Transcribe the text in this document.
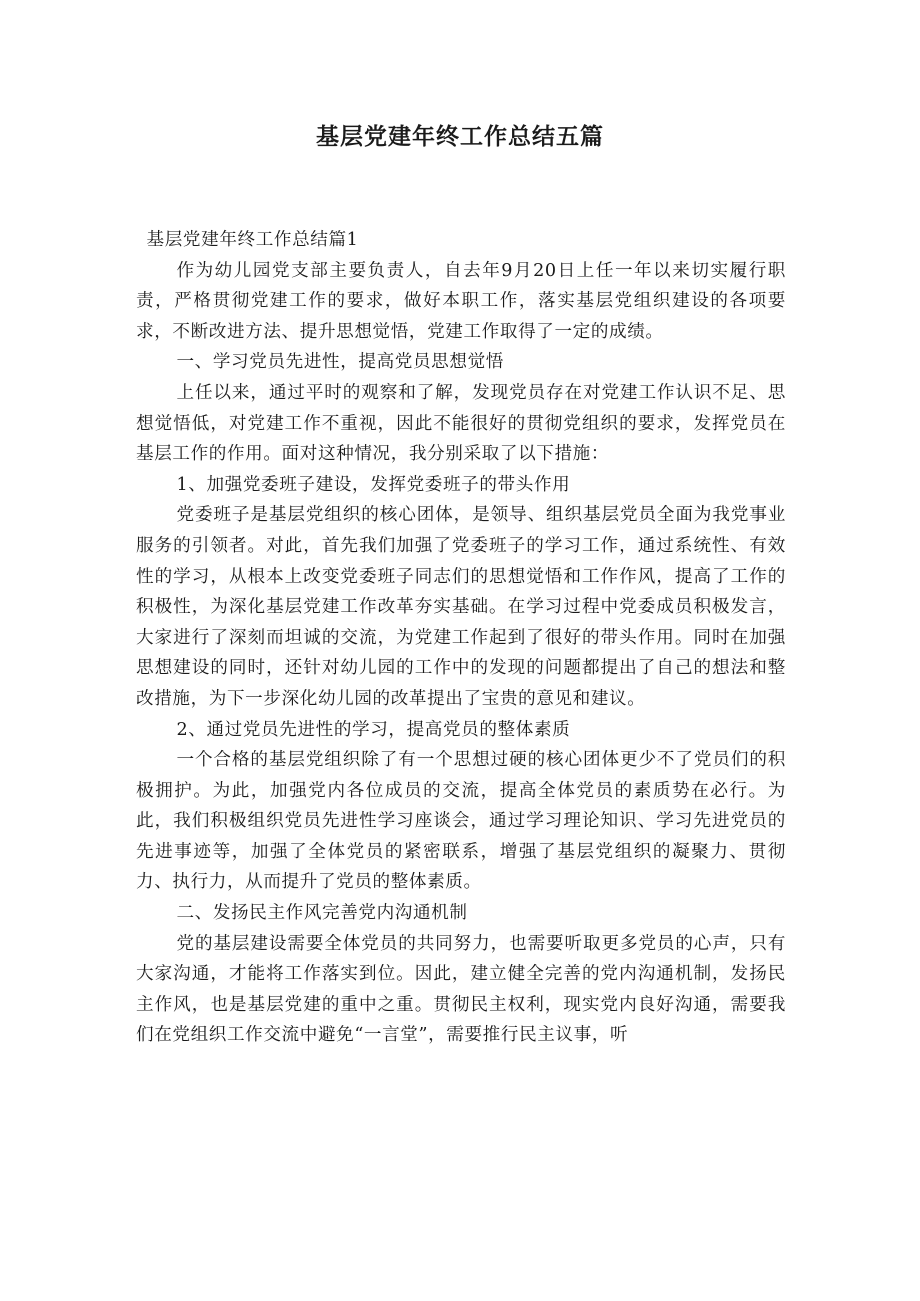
基层党建年终工作总结五篇

基层党建年终工作总结篇1

作为幼儿园党支部主要负责人，自去年9月20日上任一年以来切实履行职责，严格贯彻党建工作的要求，做好本职工作，落实基层党组织建设的各项要求，不断改进方法、提升思想觉悟，党建工作取得了一定的成绩。

一、学习党员先进性，提高党员思想觉悟

上任以来，通过平时的观察和了解，发现党员存在对党建工作认识不足、思想觉悟低，对党建工作不重视，因此不能很好的贯彻党组织的要求，发挥党员在基层工作的作用。面对这种情况，我分别采取了以下措施：

1、加强党委班子建设，发挥党委班子的带头作用

党委班子是基层党组织的核心团体，是领导、组织基层党员全面为我党事业服务的引领者。对此，首先我们加强了党委班子的学习工作，通过系统性、有效性的学习，从根本上改变党委班子同志们的思想觉悟和工作作风，提高了工作的积极性，为深化基层党建工作改革夯实基础。在学习过程中党委成员积极发言，大家进行了深刻而坦诚的交流，为党建工作起到了很好的带头作用。同时在加强思想建设的同时，还针对幼儿园的工作中的发现的问题都提出了自己的想法和整改措施，为下一步深化幼儿园的改革提出了宝贵的意见和建议。

2、通过党员先进性的学习，提高党员的整体素质

一个合格的基层党组织除了有一个思想过硬的核心团体更少不了党员们的积极拥护。为此，加强党内各位成员的交流，提高全体党员的素质势在必行。为此，我们积极组织党员先进性学习座谈会，通过学习理论知识、学习先进党员的先进事迹等，加强了全体党员的紧密联系，增强了基层党组织的凝聚力、贯彻力、执行力，从而提升了党员的整体素质。

二、发扬民主作风完善党内沟通机制

党的基层建设需要全体党员的共同努力，也需要听取更多党员的心声，只有大家沟通，才能将工作落实到位。因此，建立健全完善的党内沟通机制，发扬民主作风，也是基层党建的重中之重。贯彻民主权利，现实党内良好沟通，需要我们在党组织工作交流中避免“一言堂”，需要推行民主议事，听
